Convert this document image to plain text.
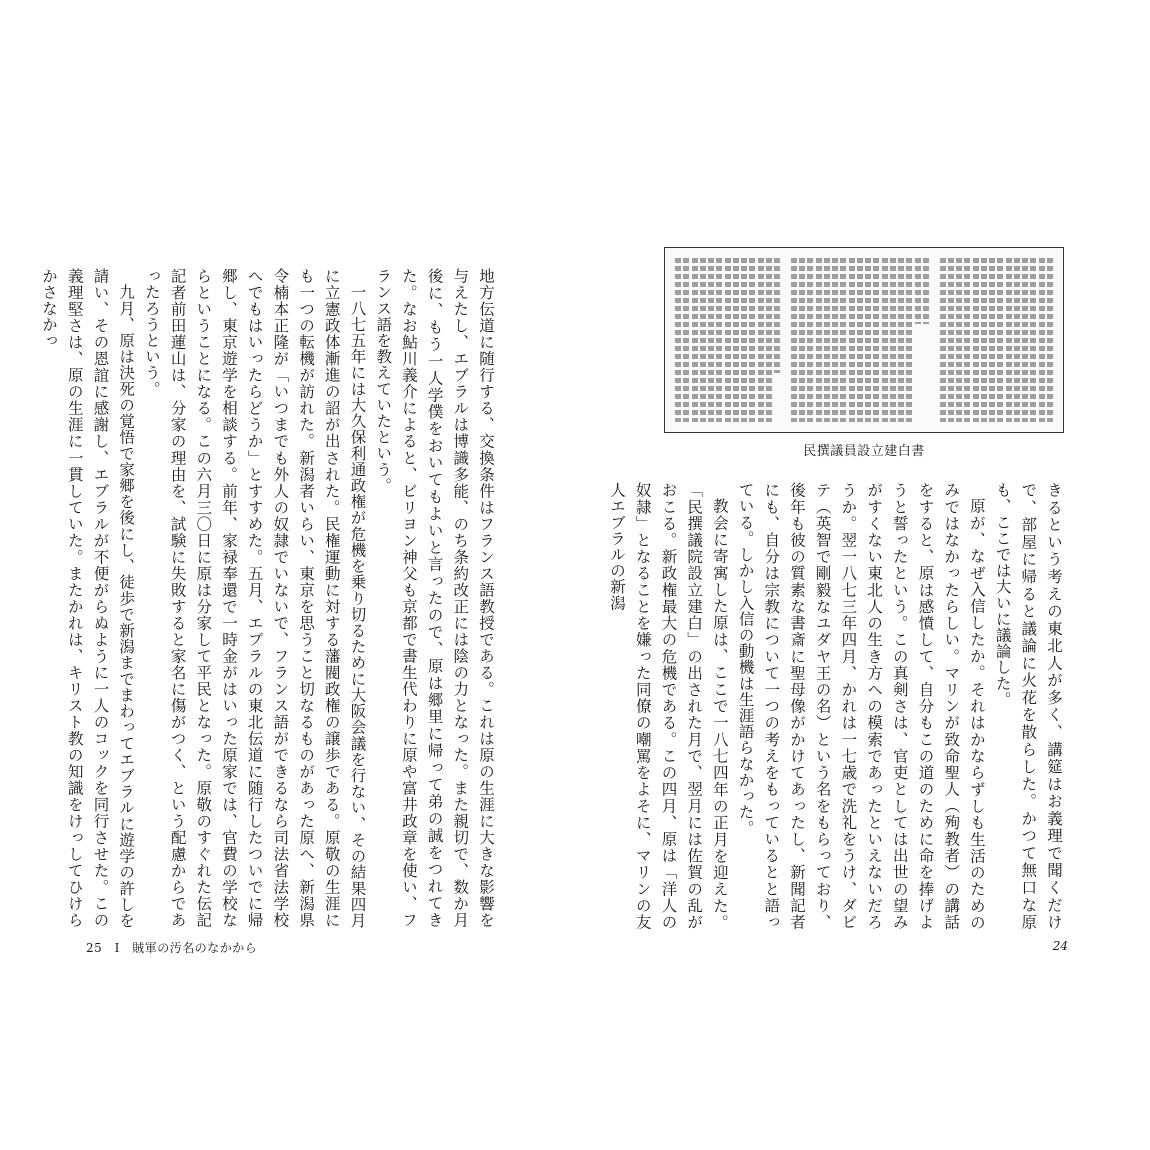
地方伝道に随行する、交換条件はフランス語教授である。これは原の生涯に大きな影響を与えたし、エブラルは博識多能、のち条約改正には陰の力となった。また親切で、数か月後に、もう一人学僕をおいてもよいと言ったので、原は郷里に帰って弟の誠をつれてきた。なお鮎川義介によると、ビリヨン神父も京都で書生代わりに原や富井政章を使い、フランス語を教えていたという。

一八七五年には大久保利通政権が危機を乗り切るために大阪会議を行ない、その結果四月に立憲政体漸進の詔が出された。民権運動に対する藩閥政権の譲歩である。原敬の生涯にも一つの転機が訪れた。新潟者いらい、東京を思うこと切なるものがあった原へ、新潟県令楠本正隆が「いつまでも外人の奴隷でいないで、フランス語ができるなら司法省法学校へでもはいったらどうか」とすすめた。五月、エブラルの東北伝道に随行したついでに帰郷し、東京遊学を相談する。前年、家禄奉還で一時金がはいった原家では、官費の学校ならということになる。この六月三〇日に原は分家して平民となった。原敬のすぐれた伝記記者前田蓮山は、分家の理由を、試験に失敗すると家名に傷がつく、という配慮からであったろうという。

九月、原は決死の覚悟で家郷を後にし、徒歩で新潟までまわってエブラルに遊学の許しを請い、その恩誼に感謝し、エブラルが不便がらぬように一人のコックを同行させた。この義理堅さは、原の生涯に一貫していた。またかれは、キリスト教の知識をけっしてひけらかさなかっ

25 I 賊軍の汚名のなかから
民撰議員設立建白書

きるという考えの東北人が多く、講筵はお義理で聞くだけで、部屋に帰ると議論に火花を散らした。かつて無口な原も、ここでは大いに議論した。

原が、なぜ入信したか。それはかならずしも生活のためのみではなかったらしい。マリンが致命聖人（殉教者）の講話をすると、原は感憤して、自分もこの道のために命を捧げようと誓ったという。この真剣さは、官吏としては出世の望みがすくない東北人の生き方への模索であったといえないだろうか。翌一八七三年四月、かれは一七歳で洗礼をうけ、ダビテ（英智で剛毅なユダヤ王の名）という名をもらっており、後年も彼の質素な書斎に聖母像がかけてあったし、新聞記者にも、自分は宗教について一つの考えをもっているとと語っている。しかし入信の動機は生涯語らなかった。

教会に寄寓した原は、ここで一八七四年の正月を迎えた。「民撰議院設立建白」の出された月で、翌月には佐賀の乱がおこる。新政権最大の危機である。この四月、原は「洋人の奴隷」となることを嫌った同僚の嘲罵をよそに、マリンの友人エブラルの新潟

24
